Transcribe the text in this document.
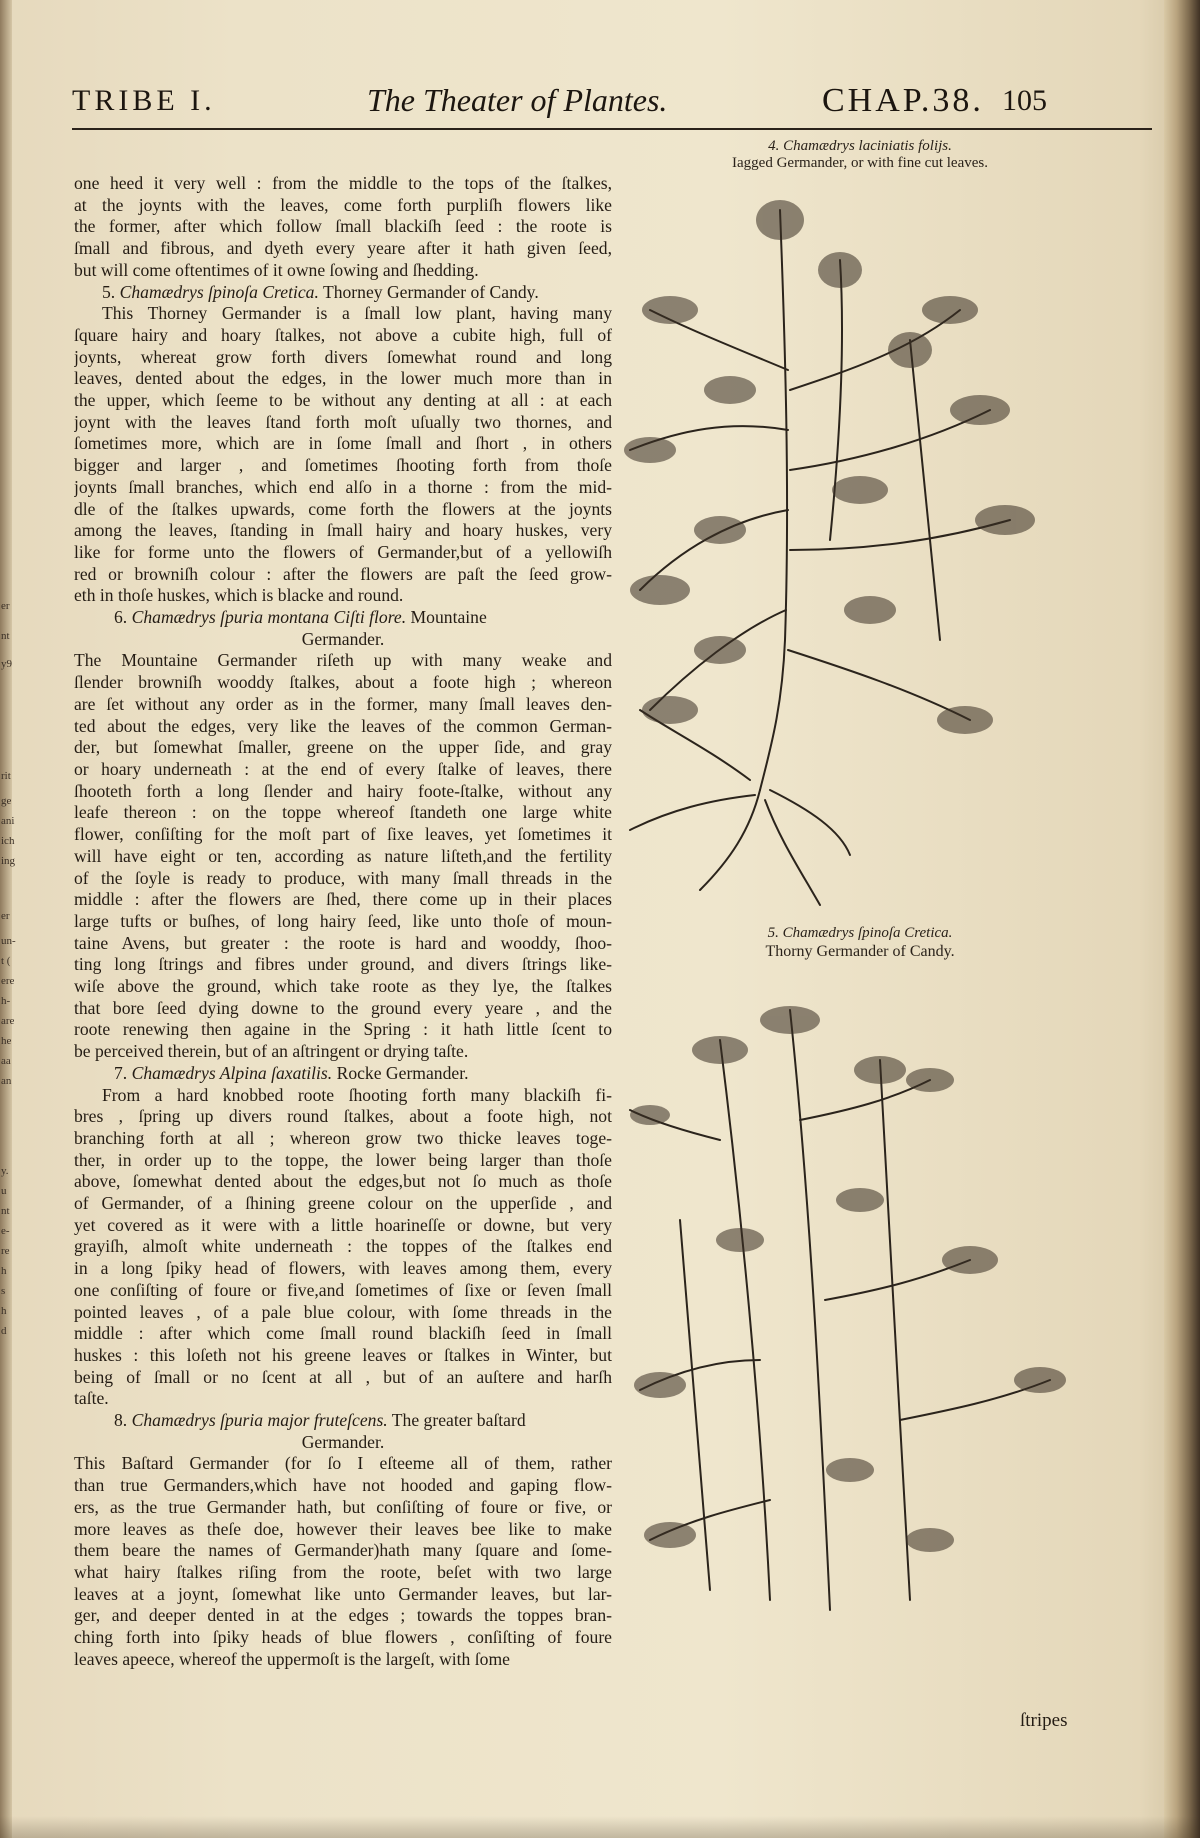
er
nt
y9
rit
ge
ani
ich
ing
er
un-
t (
ere
h-
are
he
aa
an
y.
u
nt
e-
re
h
s
h
d
TRIBE I.	The Theater of Plantes.	CHAP.38. 105
one heed it very well : from the middle to the tops of the ſtalkes,
at the joynts with the leaves, come forth purpliſh flowers like
the former, after which follow ſmall blackiſh ſeed : the roote is
ſmall and fibrous, and dyeth every yeare after it hath given ſeed,
but will come oftentimes of it owne ſowing and ſhedding.
5. Chamædrys ſpinoſa Cretica. Thorney Germander of Candy.
This Thorney Germander is a ſmall low plant, having many
ſquare hairy and hoary ſtalkes, not above a cubite high, full of
joynts, whereat grow forth divers ſomewhat round and long
leaves, dented about the edges, in the lower much more than in
the upper, which ſeeme to be without any denting at all : at each
joynt with the leaves ſtand forth moſt uſually two thornes, and
ſometimes more, which are in ſome ſmall and ſhort , in others
bigger and larger , and ſometimes ſhooting forth from thoſe
joynts ſmall branches, which end alſo in a thorne : from the mid-
dle of the ſtalkes upwards, come forth the flowers at the joynts
among the leaves, ſtanding in ſmall hairy and hoary huskes, very
like for forme unto the flowers of Germander,but of a yellowiſh
red or browniſh colour : after the flowers are paſt the ſeed grow-
eth in thoſe huskes, which is blacke and round.
6. Chamædrys ſpuria montana Ciſti flore. Mountaine
Germander.
The Mountaine Germander riſeth up with many weake and
ſlender browniſh wooddy ſtalkes, about a foote high ; whereon
are ſet without any order as in the former, many ſmall leaves den-
ted about the edges, very like the leaves of the common German-
der, but ſomewhat ſmaller, greene on the upper ſide, and gray
or hoary underneath : at the end of every ſtalke of leaves, there
ſhooteth forth a long ſlender and hairy foote-ſtalke, without any
leafe thereon : on the toppe whereof ſtandeth one large white
flower, conſiſting for the moſt part of ſixe leaves, yet ſometimes it
will have eight or ten, according as nature liſteth,and the fertility
of the ſoyle is ready to produce, with many ſmall threads in the
middle : after the flowers are ſhed, there come up in their places
large tufts or buſhes, of long hairy ſeed, like unto thoſe of moun-
taine Avens, but greater : the roote is hard and wooddy, ſhoo-
ting long ſtrings and fibres under ground, and divers ſtrings like-
wiſe above the ground, which take roote as they lye, the ſtalkes
that bore ſeed dying downe to the ground every yeare , and the
roote renewing then againe in the Spring : it hath little ſcent to
be perceived therein, but of an aſtringent or drying taſte.
7. Chamædrys Alpina ſaxatilis. Rocke Germander.
From a hard knobbed roote ſhooting forth many blackiſh fi-
bres , ſpring up divers round ſtalkes, about a foote high, not
branching forth at all ; whereon grow two thicke leaves toge-
ther, in order up to the toppe, the lower being larger than thoſe
above, ſomewhat dented about the edges,but not ſo much as thoſe
of Germander, of a ſhining greene colour on the upperſide , and
yet covered as it were with a little hoarineſſe or downe, but very
grayiſh, almoſt white underneath : the toppes of the ſtalkes end
in a long ſpiky head of flowers, with leaves among them, every
one conſiſting of foure or five,and ſometimes of ſixe or ſeven ſmall
pointed leaves , of a pale blue colour, with ſome threads in the
middle : after which come ſmall round blackiſh ſeed in ſmall
huskes : this loſeth not his greene leaves or ſtalkes in Winter, but
being of ſmall or no ſcent at all , but of an auſtere and harſh
taſte.
8. Chamædrys ſpuria major fruteſcens. The greater baſtard
Germander.
This Baſtard Germander (for ſo I eſteeme all of them, rather
than true Germanders,which have not hooded and gaping flow-
ers, as the true Germander hath, but conſiſting of foure or five, or
more leaves as theſe doe, however their leaves bee like to make
them beare the names of Germander)hath many ſquare and ſome-
what hairy ſtalkes riſing from the roote, beſet with two large
leaves at a joynt, ſomewhat like unto Germander leaves, but lar-
ger, and deeper dented in at the edges ; towards the toppes bran-
ching forth into ſpiky heads of blue flowers , conſiſting of foure
leaves apeece, whereof the uppermoſt is the largeſt, with ſome
4. Chamædrys laciniatis folijs.
Iagged Germander, or with fine cut leaves.
5. Chamædrys ſpinoſa Cretica.
Thorny Germander of Candy.
ſtripes
